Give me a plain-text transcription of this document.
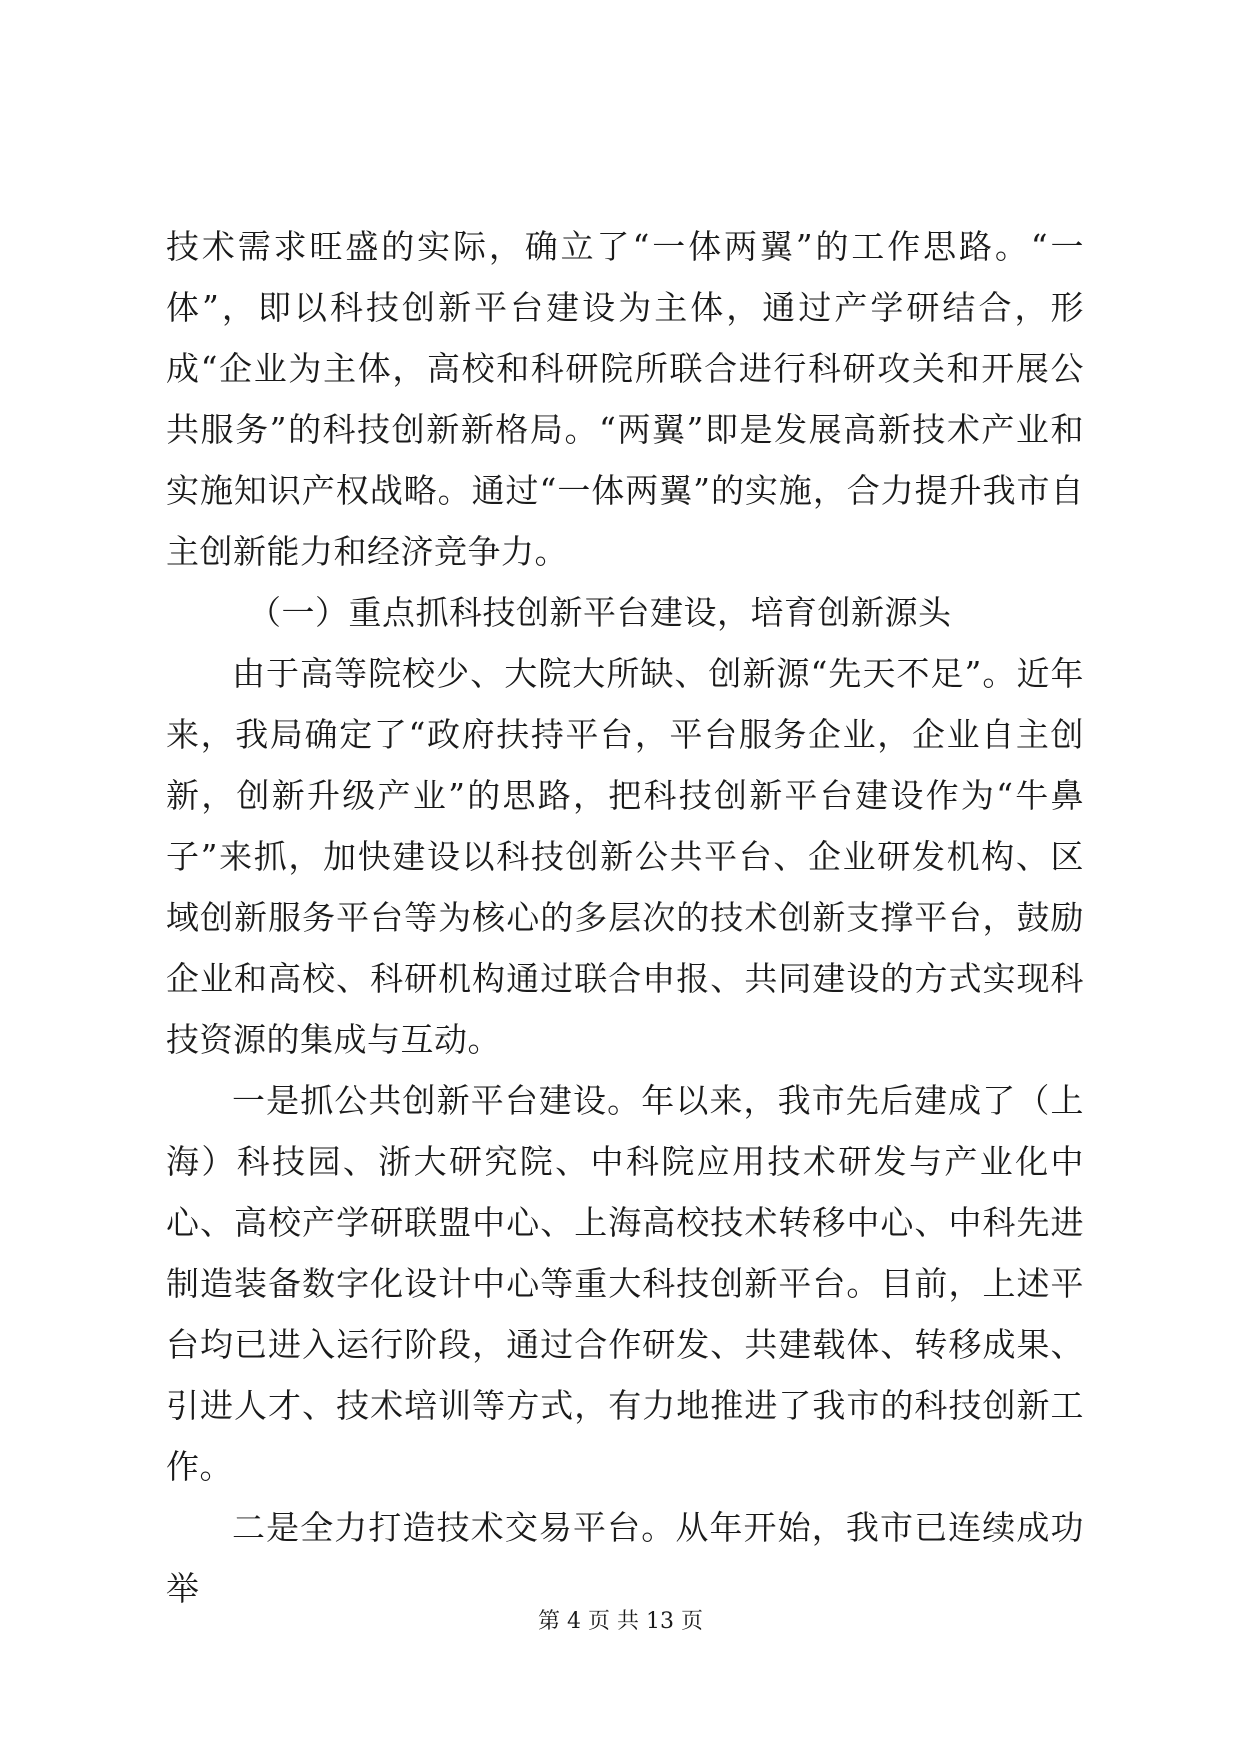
技术需求旺盛的实际，确立了“一体两翼”的工作思路。“一体”，即以科技创新平台建设为主体，通过产学研结合，形成“企业为主体，高校和科研院所联合进行科研攻关和开展公共服务”的科技创新新格局。“两翼”即是发展高新技术产业和实施知识产权战略。通过“一体两翼”的实施，合力提升我市自主创新能力和经济竞争力。

（一）重点抓科技创新平台建设，培育创新源头

由于高等院校少、大院大所缺、创新源“先天不足”。近年来，我局确定了“政府扶持平台，平台服务企业，企业自主创新，创新升级产业”的思路，把科技创新平台建设作为“牛鼻子”来抓，加快建设以科技创新公共平台、企业研发机构、区域创新服务平台等为核心的多层次的技术创新支撑平台，鼓励企业和高校、科研机构通过联合申报、共同建设的方式实现科技资源的集成与互动。

一是抓公共创新平台建设。年以来，我市先后建成了（上海）科技园、浙大研究院、中科院应用技术研发与产业化中心、高校产学研联盟中心、上海高校技术转移中心、中科先进制造装备数字化设计中心等重大科技创新平台。目前，上述平台均已进入运行阶段，通过合作研发、共建载体、转移成果、引进人才、技术培训等方式，有力地推进了我市的科技创新工作。

二是全力打造技术交易平台。从年开始，我市已连续成功举

第 4 页 共 13 页
